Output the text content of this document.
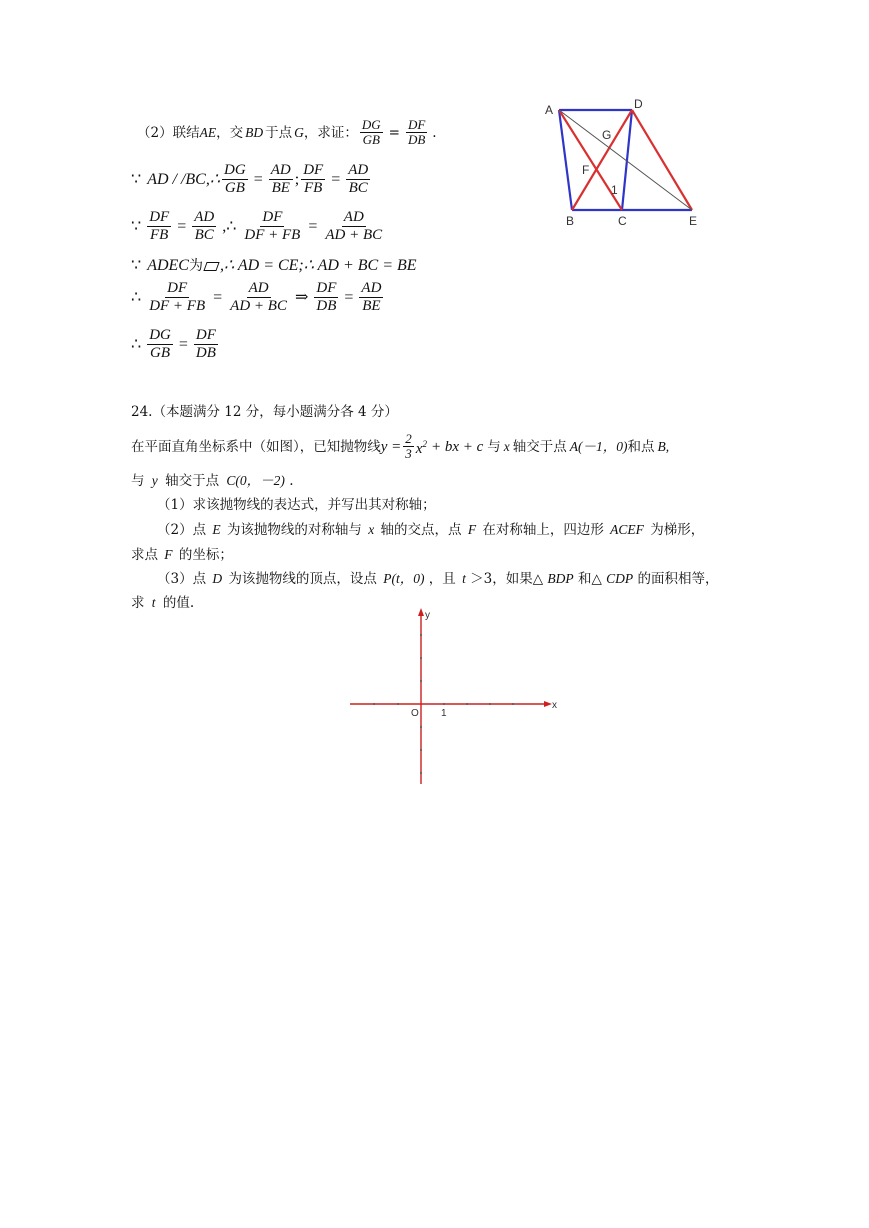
（2）联结 AE ，交 BD 于点 G ，求证： $\frac{DG}{GB} = \frac{DF}{DB}$ .
∵ AD / /BC,∴ $\frac{DG}{GB} = \frac{AD}{BE}$ ; $\frac{DF}{FB} = \frac{AD}{BC}$
∵ $\frac{DF}{FB} = \frac{AD}{BC}$ ,∴ $\frac{DF}{DF + FB} = \frac{AD}{AD + BC}$
∵ ADEC 为 ,∴ AD = CE;∴ AD + BC = BE
∴ $\frac{DF}{DF + FB} = \frac{AD}{AD + BC}$ ⇒ $\frac{DF}{DB} = \frac{AD}{BE}$
∴ $\frac{DG}{GB} = \frac{DF}{DB}$
A	D
G
F
1
B	C	E
24.（本题满分 12 分，每小题满分各 4 分）
在平面直角坐标系中（如图），已知抛物线 $y = \frac{2}{3} x^2$ + bx + c 与 x 轴交于点 A(－1，0) 和点 B,
与 y 轴交于点 C(0，－2) .
（1）求该抛物线的表达式，并写出其对称轴；
（2）点 E 为该抛物线的对称轴与 x 轴的交点，点 F 在对称轴上，四边形 ACEF 为梯形，
求点 F 的坐标；
（3）点 D 为该抛物线的顶点，设点 P(t，0) ，且 t ＞3，如果△ BDP 和△ CDP 的面积相等，
求 t 的值.
y
x
O 1
